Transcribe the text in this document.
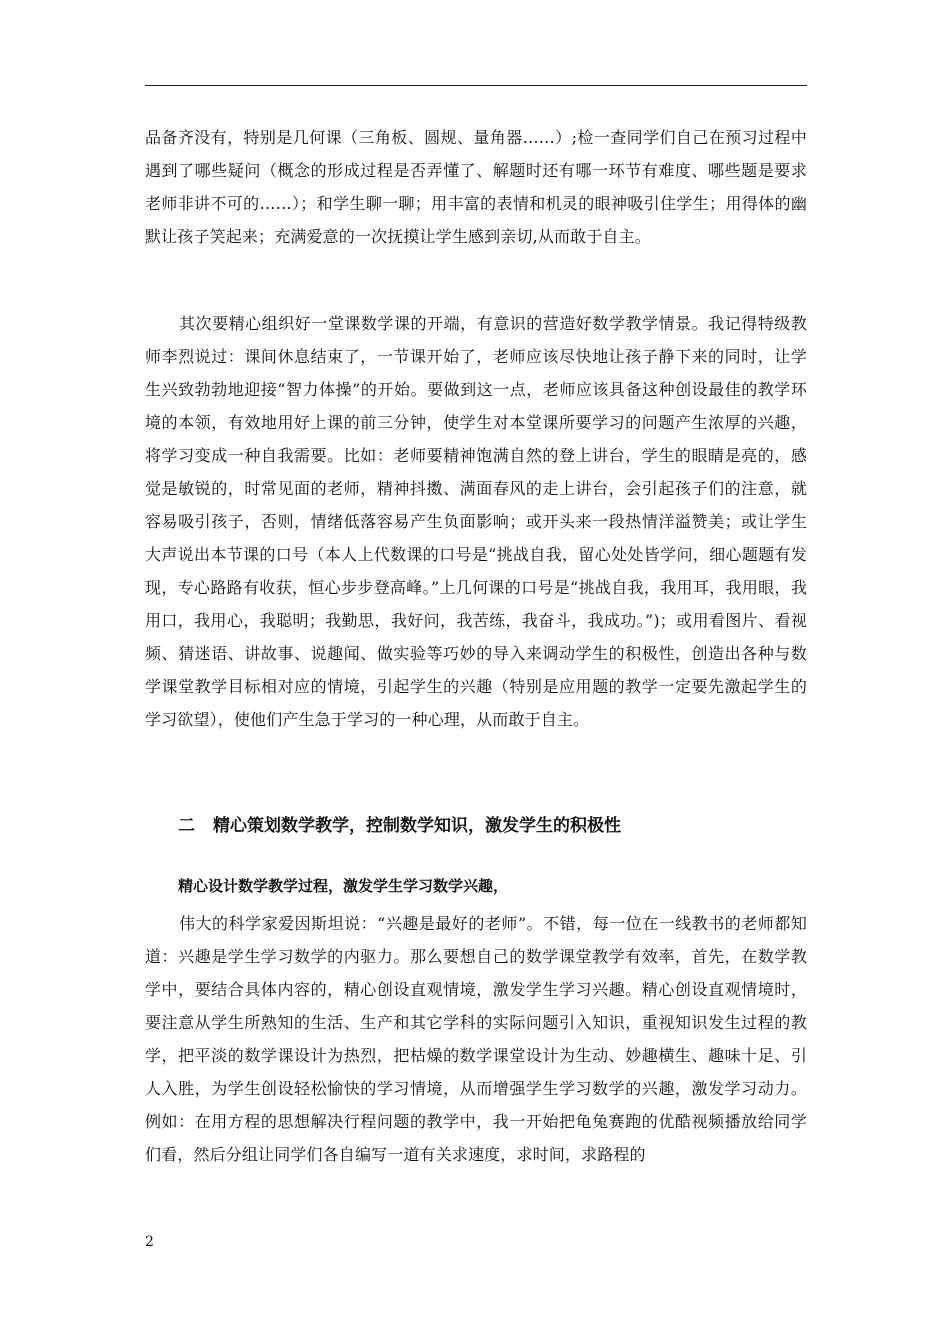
品备齐没有，特别是几何课（三角板、圆规、量角器……）;检一查同学们自己在预习过程中遇到了哪些疑问（概念的形成过程是否弄懂了、解题时还有哪一环节有难度、哪些题是要求老师非讲不可的……）；和学生聊一聊；用丰富的表情和机灵的眼神吸引住学生；用得体的幽默让孩子笑起来；充满爱意的一次抚摸让学生感到亲切,从而敢于自主。
其次要精心组织好一堂课数学课的开端，有意识的营造好数学教学情景。我记得特级教师李烈说过：课间休息结束了，一节课开始了，老师应该尽快地让孩子静下来的同时，让学生兴致勃勃地迎接“智力体操”的开始。要做到这一点，老师应该具备这种创设最佳的教学环境的本领，有效地用好上课的前三分钟，使学生对本堂课所要学习的问题产生浓厚的兴趣，将学习变成一种自我需要。比如：老师要精神饱满自然的登上讲台，学生的眼睛是亮的，感觉是敏锐的，时常见面的老师，精神抖擞、满面春风的走上讲台，会引起孩子们的注意，就容易吸引孩子，否则，情绪低落容易产生负面影响；或开头来一段热情洋溢赞美；或让学生大声说出本节课的口号（本人上代数课的口号是“挑战自我，留心处处皆学问，细心题题有发现，专心路路有收获，恒心步步登高峰。”上几何课的口号是“挑战自我，我用耳，我用眼，我用口，我用心，我聪明；我勤思，我好问，我苦练，我奋斗，我成功。”)；或用看图片、看视频、猜迷语、讲故事、说趣闻、做实验等巧妙的导入来调动学生的积极性，创造出各种与数学课堂教学目标相对应的情境，引起学生的兴趣（特别是应用题的教学一定要先激起学生的学习欲望），使他们产生急于学习的一种心理，从而敢于自主。
二 精心策划数学教学，控制数学知识，激发学生的积极性
精心设计数学教学过程，激发学生学习数学兴趣，
伟大的科学家爱因斯坦说：“兴趣是最好的老师”。不错，每一位在一线教书的老师都知道：兴趣是学生学习数学的内驱力。那么要想自己的数学课堂教学有效率，首先，在数学教学中，要结合具体内容的，精心创设直观情境，激发学生学习兴趣。精心创设直观情境时，要注意从学生所熟知的生活、生产和其它学科的实际问题引入知识，重视知识发生过程的教学，把平淡的数学课设计为热烈，把枯燥的数学课堂设计为生动、妙趣横生、趣味十足、引人入胜，为学生创设轻松愉快的学习情境，从而增强学生学习数学的兴趣，激发学习动力。例如：在用方程的思想解决行程问题的教学中，我一开始把龟兔赛跑的优酷视频播放给同学们看，然后分组让同学们各自编写一道有关求速度，求时间，求路程的
2
